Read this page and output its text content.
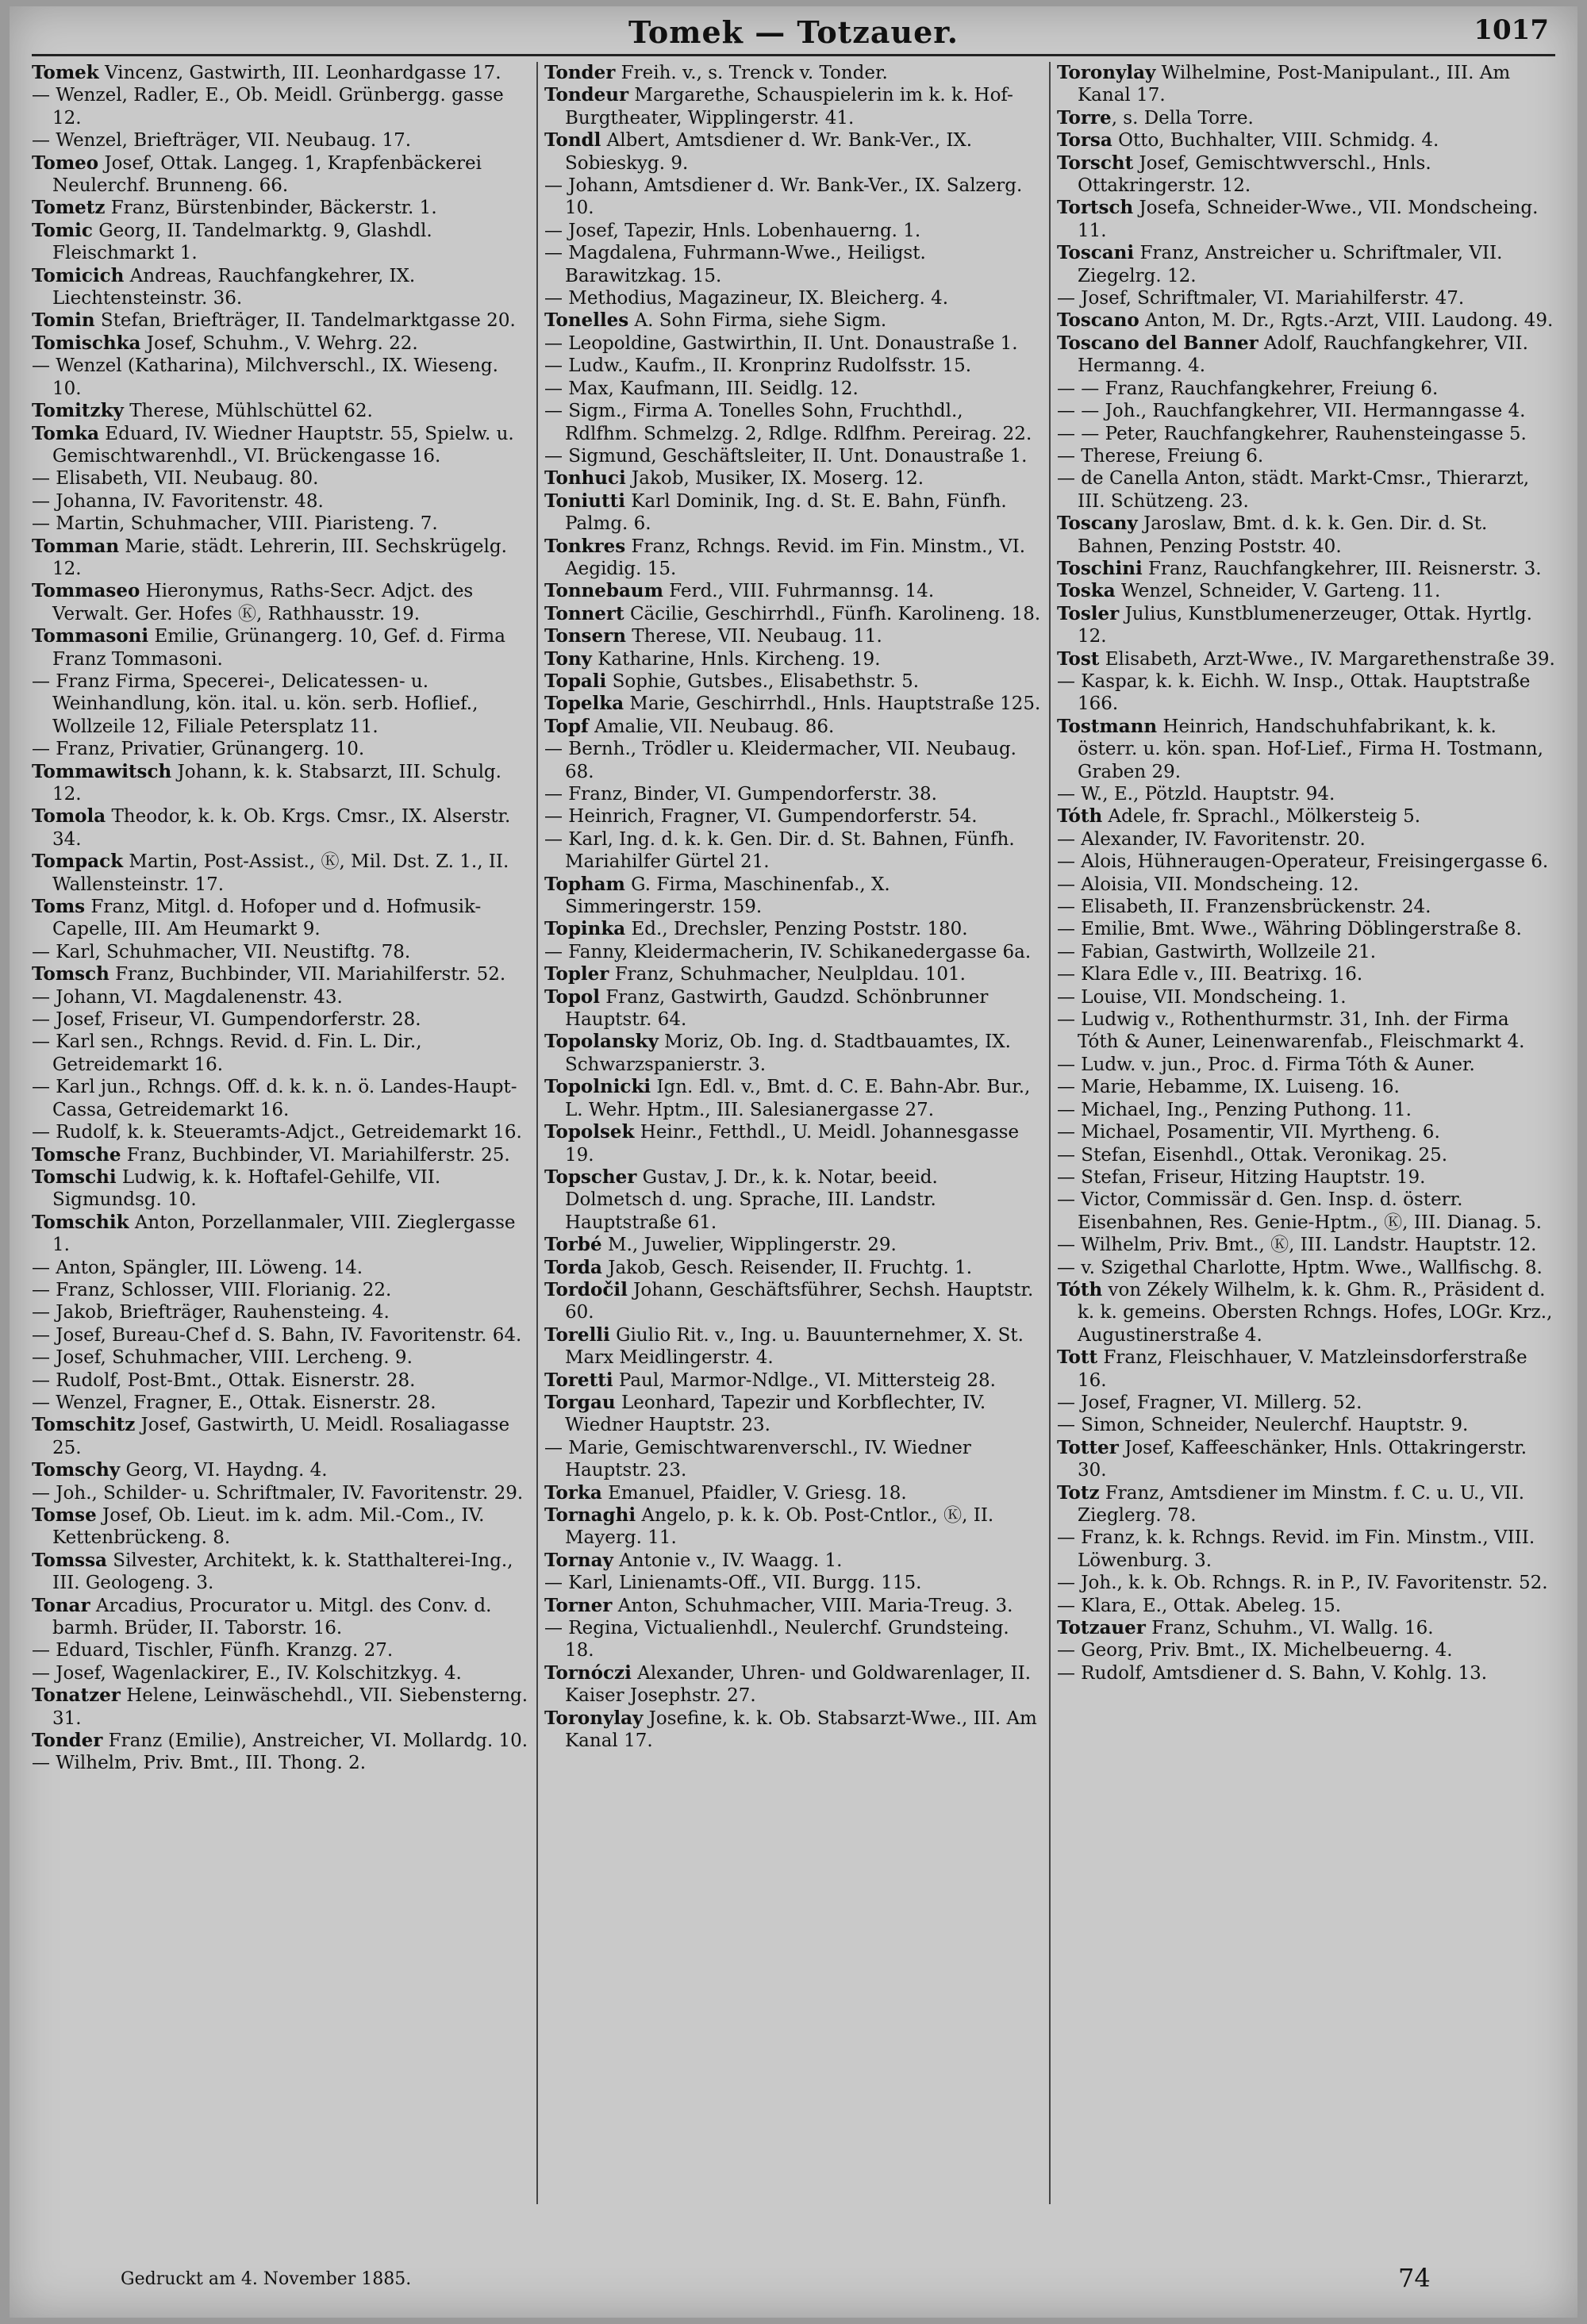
Tomek — Totzauer.	1017
Tomek Vincenz, Gastwirth, III. Leonhardgasse 17.
— Wenzel, Radler, E., Ob. Meidl. Grünbergg. gasse 12.
— Wenzel, Briefträger, VII. Neubaug. 17.
Tomeo Josef, Ottak. Langeg. 1, Krapfenbäckerei Neulerchf. Brunneng. 66.
Tometz Franz, Bürstenbinder, Bäckerstr. 1.
Tomic Georg, II. Tandelmarktg. 9, Glashdl. Fleischmarkt 1.
Tomicich Andreas, Rauchfangkehrer, IX. Liechtensteinstr. 36.
Tomin Stefan, Briefträger, II. Tandelmarktgasse 20.
Tomischka Josef, Schuhm., V. Wehrg. 22.
— Wenzel (Katharina), Milchverschl., IX. Wieseng. 10.
Tomitzky Therese, Mühlschüttel 62.
Tomka Eduard, IV. Wiedner Hauptstr. 55, Spielw. u. Gemischtwarenhdl., VI. Brückengasse 16.
— Elisabeth, VII. Neubaug. 80.
— Johanna, IV. Favoritenstr. 48.
— Martin, Schuhmacher, VIII. Piaristeng. 7.
Tomman Marie, städt. Lehrerin, III. Sechskrügelg. 12.
Tommaseo Hieronymus, Raths-Secr. Adjct. des Verwalt. Ger. Hofes Ⓚ, Rathhausstr. 19.
Tommasoni Emilie, Grünangerg. 10, Gef. d. Firma Franz Tommasoni.
— Franz Firma, Specerei-, Delicatessen- u. Weinhandlung, kön. ital. u. kön. serb. Hoflief., Wollzeile 12, Filiale Petersplatz 11.
— Franz, Privatier, Grünangerg. 10.
Tommawitsch Johann, k. k. Stabsarzt, III. Schulg. 12.
Tomola Theodor, k. k. Ob. Krgs. Cmsr., IX. Alserstr. 34.
Tompack Martin, Post-Assist., Ⓚ, Mil. Dst. Z. 1., II. Wallensteinstr. 17.
Toms Franz, Mitgl. d. Hofoper und d. Hofmusik-Capelle, III. Am Heumarkt 9.
— Karl, Schuhmacher, VII. Neustiftg. 78.
Tomsch Franz, Buchbinder, VII. Mariahilferstr. 52.
— Johann, VI. Magdalenenstr. 43.
— Josef, Friseur, VI. Gumpendorferstr. 28.
— Karl sen., Rchngs. Revid. d. Fin. L. Dir., Getreidemarkt 16.
— Karl jun., Rchngs. Off. d. k. k. n. ö. Landes-Haupt-Cassa, Getreidemarkt 16.
— Rudolf, k. k. Steueramts-Adjct., Getreidemarkt 16.
Tomsche Franz, Buchbinder, VI. Mariahilferstr. 25.
Tomschi Ludwig, k. k. Hoftafel-Gehilfe, VII. Sigmundsg. 10.
Tomschik Anton, Porzellanmaler, VIII. Zieglergasse 1.
— Anton, Spängler, III. Löweng. 14.
— Franz, Schlosser, VIII. Florianig. 22.
— Jakob, Briefträger, Rauhensteing. 4.
— Josef, Bureau-Chef d. S. Bahn, IV. Favoritenstr. 64.
— Josef, Schuhmacher, VIII. Lercheng. 9.
— Rudolf, Post-Bmt., Ottak. Eisnerstr. 28.
— Wenzel, Fragner, E., Ottak. Eisnerstr. 28.
Tomschitz Josef, Gastwirth, U. Meidl. Rosaliagasse 25.
Tomschy Georg, VI. Haydng. 4.
— Joh., Schilder- u. Schriftmaler, IV. Favoritenstr. 29.
Tomse Josef, Ob. Lieut. im k. adm. Mil.-Com., IV. Kettenbrückeng. 8.
Tomssa Silvester, Architekt, k. k. Statthalterei-Ing., III. Geologeng. 3.
Tonar Arcadius, Procurator u. Mitgl. des Conv. d. barmh. Brüder, II. Taborstr. 16.
— Eduard, Tischler, Fünfh. Kranzg. 27.
— Josef, Wagenlackirer, E., IV. Kolschitzkyg. 4.
Tonatzer Helene, Leinwäschehdl., VII. Siebensterng. 31.
Tonder Franz (Emilie), Anstreicher, VI. Mollardg. 10.
— Wilhelm, Priv. Bmt., III. Thong. 2.
Tonder Freih. v., s. Trenck v. Tonder.
Tondeur Margarethe, Schauspielerin im k. k. Hof-Burgtheater, Wipplingerstr. 41.
Tondl Albert, Amtsdiener d. Wr. Bank-Ver., IX. Sobieskyg. 9.
— Johann, Amtsdiener d. Wr. Bank-Ver., IX. Salzerg. 10.
— Josef, Tapezir, Hnls. Lobenhauerng. 1.
— Magdalena, Fuhrmann-Wwe., Heiligst. Barawitzkag. 15.
— Methodius, Magazineur, IX. Bleicherg. 4.
Tonelles A. Sohn Firma, siehe Sigm.
— Leopoldine, Gastwirthin, II. Unt. Donaustraße 1.
— Ludw., Kaufm., II. Kronprinz Rudolfsstr. 15.
— Max, Kaufmann, III. Seidlg. 12.
— Sigm., Firma A. Tonelles Sohn, Fruchthdl., Rdlfhm. Schmelzg. 2, Rdlge. Rdlfhm. Pereirag. 22.
— Sigmund, Geschäftsleiter, II. Unt. Donaustraße 1.
Tonhuci Jakob, Musiker, IX. Moserg. 12.
Toniutti Karl Dominik, Ing. d. St. E. Bahn, Fünfh. Palmg. 6.
Tonkres Franz, Rchngs. Revid. im Fin. Minstm., VI. Aegidig. 15.
Tonnebaum Ferd., VIII. Fuhrmannsg. 14.
Tonnert Cäcilie, Geschirrhdl., Fünfh. Karolineng. 18.
Tonsern Therese, VII. Neubaug. 11.
Tony Katharine, Hnls. Kircheng. 19.
Topali Sophie, Gutsbes., Elisabethstr. 5.
Topelka Marie, Geschirrhdl., Hnls. Hauptstraße 125.
Topf Amalie, VII. Neubaug. 86.
— Bernh., Trödler u. Kleidermacher, VII. Neubaug. 68.
— Franz, Binder, VI. Gumpendorferstr. 38.
— Heinrich, Fragner, VI. Gumpendorferstr. 54.
— Karl, Ing. d. k. k. Gen. Dir. d. St. Bahnen, Fünfh. Mariahilfer Gürtel 21.
Topham G. Firma, Maschinenfab., X. Simmeringerstr. 159.
Topinka Ed., Drechsler, Penzing Poststr. 180.
— Fanny, Kleidermacherin, IV. Schikanedergasse 6a.
Topler Franz, Schuhmacher, Neulpldau. 101.
Topol Franz, Gastwirth, Gaudzd. Schönbrunner Hauptstr. 64.
Topolansky Moriz, Ob. Ing. d. Stadtbauamtes, IX. Schwarzspanierstr. 3.
Topolnicki Ign. Edl. v., Bmt. d. C. E. Bahn-Abr. Bur., L. Wehr. Hptm., III. Salesianergasse 27.
Topolsek Heinr., Fetthdl., U. Meidl. Johannesgasse 19.
Topscher Gustav, J. Dr., k. k. Notar, beeid. Dolmetsch d. ung. Sprache, III. Landstr. Hauptstraße 61.
Torbé M., Juwelier, Wipplingerstr. 29.
Torda Jakob, Gesch. Reisender, II. Fruchtg. 1.
Tordočil Johann, Geschäftsführer, Sechsh. Hauptstr. 60.
Torelli Giulio Rit. v., Ing. u. Bauunternehmer, X. St. Marx Meidlingerstr. 4.
Toretti Paul, Marmor-Ndlge., VI. Mittersteig 28.
Torgau Leonhard, Tapezir und Korbflechter, IV. Wiedner Hauptstr. 23.
— Marie, Gemischtwarenverschl., IV. Wiedner Hauptstr. 23.
Torka Emanuel, Pfaidler, V. Griesg. 18.
Tornaghi Angelo, p. k. k. Ob. Post-Cntlor., Ⓚ, II. Mayerg. 11.
Tornay Antonie v., IV. Waagg. 1.
— Karl, Linienamts-Off., VII. Burgg. 115.
Torner Anton, Schuhmacher, VIII. Maria-Treug. 3.
— Regina, Victualienhdl., Neulerchf. Grundsteing. 18.
Tornóczi Alexander, Uhren- und Goldwarenlager, II. Kaiser Josephstr. 27.
Toronylay Josefine, k. k. Ob. Stabsarzt-Wwe., III. Am Kanal 17.
Toronylay Wilhelmine, Post-Manipulant., III. Am Kanal 17.
Torre, s. Della Torre.
Torsa Otto, Buchhalter, VIII. Schmidg. 4.
Torscht Josef, Gemischtwverschl., Hnls. Ottakringerstr. 12.
Tortsch Josefa, Schneider-Wwe., VII. Mondscheing. 11.
Toscani Franz, Anstreicher u. Schriftmaler, VII. Ziegelrg. 12.
— Josef, Schriftmaler, VI. Mariahilferstr. 47.
Toscano Anton, M. Dr., Rgts.-Arzt, VIII. Laudong. 49.
Toscano del Banner Adolf, Rauchfangkehrer, VII. Hermanng. 4.
— — Franz, Rauchfangkehrer, Freiung 6.
— — Joh., Rauchfangkehrer, VII. Hermanngasse 4.
— — Peter, Rauchfangkehrer, Rauhensteingasse 5.
— Therese, Freiung 6.
— de Canella Anton, städt. Markt-Cmsr., Thierarzt, III. Schützeng. 23.
Toscany Jaroslaw, Bmt. d. k. k. Gen. Dir. d. St. Bahnen, Penzing Poststr. 40.
Toschini Franz, Rauchfangkehrer, III. Reisnerstr. 3.
Toska Wenzel, Schneider, V. Garteng. 11.
Tosler Julius, Kunstblumenerzeuger, Ottak. Hyrtlg. 12.
Tost Elisabeth, Arzt-Wwe., IV. Margarethenstraße 39.
— Kaspar, k. k. Eichh. W. Insp., Ottak. Hauptstraße 166.
Tostmann Heinrich, Handschuhfabrikant, k. k. österr. u. kön. span. Hof-Lief., Firma H. Tostmann, Graben 29.
— W., E., Pötzld. Hauptstr. 94.
Tóth Adele, fr. Sprachl., Mölkersteig 5.
— Alexander, IV. Favoritenstr. 20.
— Alois, Hühneraugen-Operateur, Freisingergasse 6.
— Aloisia, VII. Mondscheing. 12.
— Elisabeth, II. Franzensbrückenstr. 24.
— Emilie, Bmt. Wwe., Währing Döblingerstraße 8.
— Fabian, Gastwirth, Wollzeile 21.
— Klara Edle v., III. Beatrixg. 16.
— Louise, VII. Mondscheing. 1.
— Ludwig v., Rothenthurmstr. 31, Inh. der Firma Tóth & Auner, Leinenwarenfab., Fleischmarkt 4.
— Ludw. v. jun., Proc. d. Firma Tóth & Auner.
— Marie, Hebamme, IX. Luiseng. 16.
— Michael, Ing., Penzing Puthong. 11.
— Michael, Posamentir, VII. Myrtheng. 6.
— Stefan, Eisenhdl., Ottak. Veronikag. 25.
— Stefan, Friseur, Hitzing Hauptstr. 19.
— Victor, Commissär d. Gen. Insp. d. österr. Eisenbahnen, Res. Genie-Hptm., Ⓚ, III. Dianag. 5.
— Wilhelm, Priv. Bmt., Ⓚ, III. Landstr. Hauptstr. 12.
— v. Szigethal Charlotte, Hptm. Wwe., Wallfischg. 8.
Tóth von Zékely Wilhelm, k. k. Ghm. R., Präsident d. k. k. gemeins. Obersten Rchngs. Hofes, LOGr. Krz., Augustinerstraße 4.
Tott Franz, Fleischhauer, V. Matzleinsdorferstraße 16.
— Josef, Fragner, VI. Millerg. 52.
— Simon, Schneider, Neulerchf. Hauptstr. 9.
Totter Josef, Kaffeeschänker, Hnls. Ottakringerstr. 30.
Totz Franz, Amtsdiener im Minstm. f. C. u. U., VII. Zieglerg. 78.
— Franz, k. k. Rchngs. Revid. im Fin. Minstm., VIII. Löwenburg. 3.
— Joh., k. k. Ob. Rchngs. R. in P., IV. Favoritenstr. 52.
— Klara, E., Ottak. Abeleg. 15.
Totzauer Franz, Schuhm., VI. Wallg. 16.
— Georg, Priv. Bmt., IX. Michelbeuerng. 4.
— Rudolf, Amtsdiener d. S. Bahn, V. Kohlg. 13.
Gedruckt am 4. November 1885.	74
